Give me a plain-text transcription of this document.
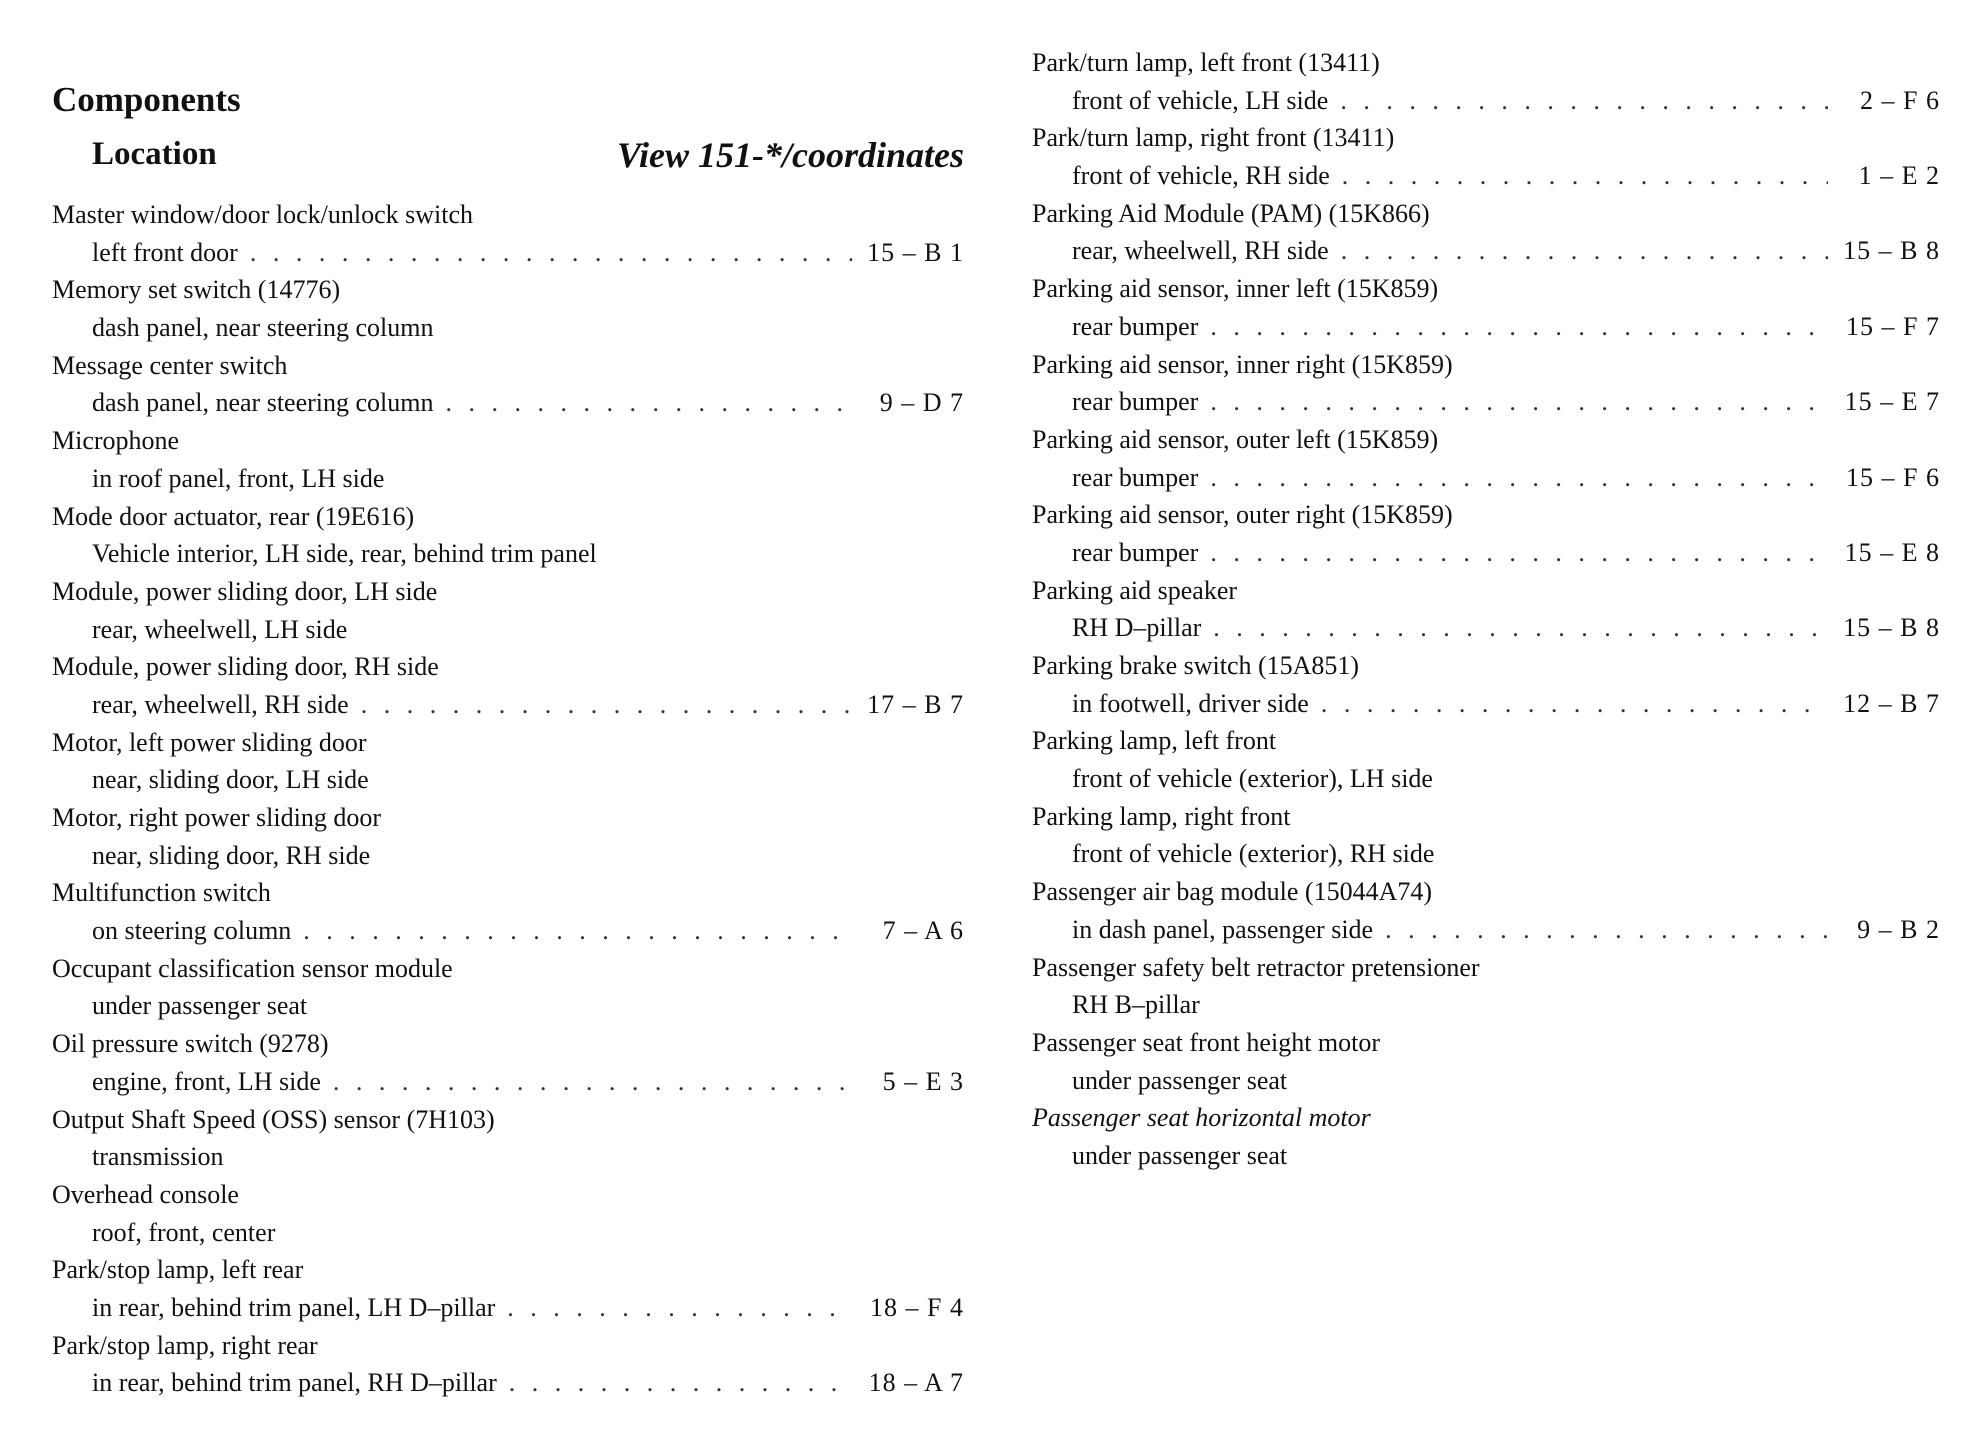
Components
Location	View 151-*/coordinates
Master window/door lock/unlock switch
left front door . . .	15 – B 1
Memory set switch (14776)
dash panel, near steering column
Message center switch
dash panel, near steering column . . .	9 – D 7
Microphone
in roof panel, front, LH side
Mode door actuator, rear (19E616)
Vehicle interior, LH side, rear, behind trim panel
Module, power sliding door, LH side
rear, wheelwell, LH side
Module, power sliding door, RH side
rear, wheelwell, RH side . . .	17 – B 7
Motor, left power sliding door
near, sliding door, LH side
Motor, right power sliding door
near, sliding door, RH side
Multifunction switch
on steering column . . .	7 – A 6
Occupant classification sensor module
under passenger seat
Oil pressure switch (9278)
engine, front, LH side . . .	5 – E 3
Output Shaft Speed (OSS) sensor (7H103)
transmission
Overhead console
roof, front, center
Park/stop lamp, left rear
in rear, behind trim panel, LH D–pillar . . .	18 – F 4
Park/stop lamp, right rear
in rear, behind trim panel, RH D–pillar . . .	18 – A 7
Park/turn lamp, left front (13411)
front of vehicle, LH side . . .	2 – F 6
Park/turn lamp, right front (13411)
front of vehicle, RH side . . .	1 – E 2
Parking Aid Module (PAM) (15K866)
rear, wheelwell, RH side . . .	15 – B 8
Parking aid sensor, inner left (15K859)
rear bumper . . .	15 – F 7
Parking aid sensor, inner right (15K859)
rear bumper . . .	15 – E 7
Parking aid sensor, outer left (15K859)
rear bumper . . .	15 – F 6
Parking aid sensor, outer right (15K859)
rear bumper . . .	15 – E 8
Parking aid speaker
RH D–pillar . . .	15 – B 8
Parking brake switch (15A851)
in footwell, driver side . . .	12 – B 7
Parking lamp, left front
front of vehicle (exterior), LH side
Parking lamp, right front
front of vehicle (exterior), RH side
Passenger air bag module (15044A74)
in dash panel, passenger side . . .	9 – B 2
Passenger safety belt retractor pretensioner
RH B–pillar
Passenger seat front height motor
under passenger seat
Passenger seat horizontal motor
under passenger seat
